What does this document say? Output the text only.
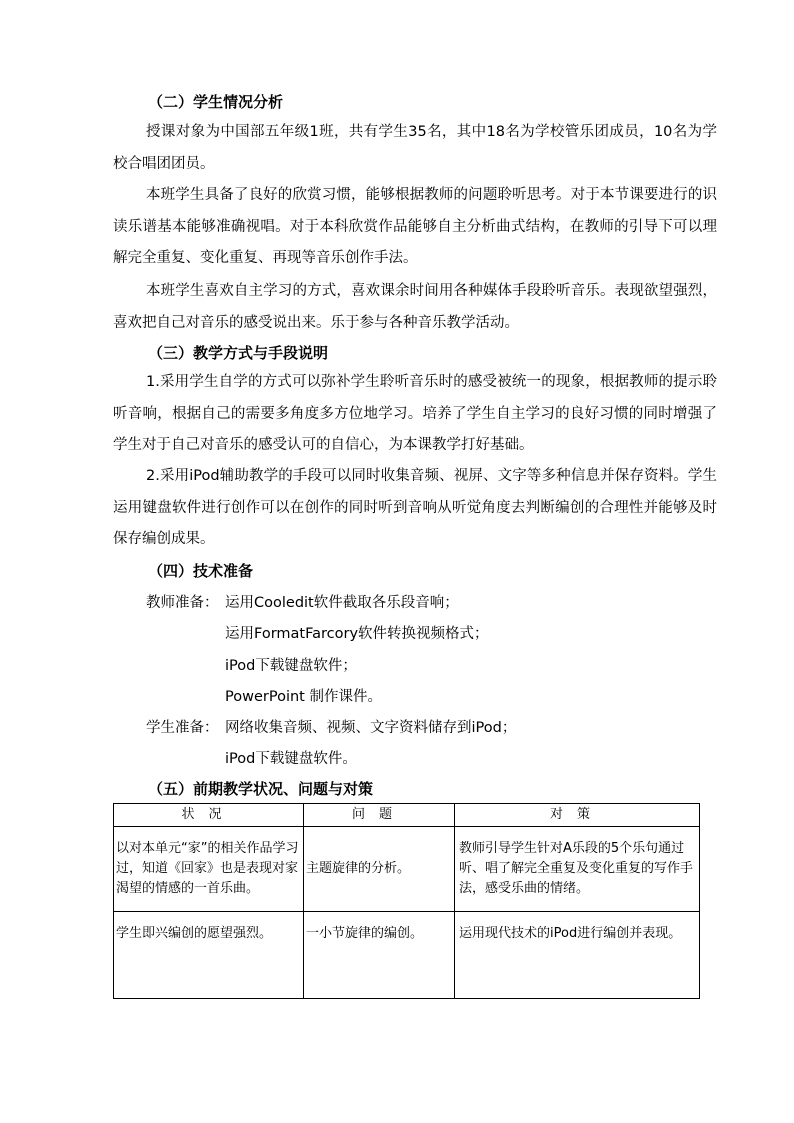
（二）学生情况分析

授课对象为中国部五年级1班，共有学生35名，其中18名为学校管乐团成员，10名为学校合唱团团员。

本班学生具备了良好的欣赏习惯，能够根据教师的问题聆听思考。对于本节课要进行的识读乐谱基本能够准确视唱。对于本科欣赏作品能够自主分析曲式结构，在教师的引导下可以理解完全重复、变化重复、再现等音乐创作手法。

本班学生喜欢自主学习的方式，喜欢课余时间用各种媒体手段聆听音乐。表现欲望强烈，喜欢把自己对音乐的感受说出来。乐于参与各种音乐教学活动。

（三）教学方式与手段说明

1.采用学生自学的方式可以弥补学生聆听音乐时的感受被统一的现象，根据教师的提示聆听音响，根据自己的需要多角度多方位地学习。培养了学生自主学习的良好习惯的同时增强了学生对于自己对音乐的感受认可的自信心，为本课教学打好基础。

2.采用iPod辅助教学的手段可以同时收集音频、视屏、文字等多种信息并保存资料。学生运用键盘软件进行创作可以在创作的同时听到音响从听觉角度去判断编创的合理性并能够及时保存编创成果。

（四）技术准备
教师准备： 运用Cooledit软件截取各乐段音响；
运用FormatFarcory软件转换视频格式；
iPod下载键盘软件；
PowerPoint 制作课件。
学生准备： 网络收集音频、视频、文字资料储存到iPod；
iPod下载键盘软件。
（五）前期教学状况、问题与对策
状况	问题	对策
以对本单元“家”的相关作品学习过，知道《回家》也是表现对家渴望的情感的一首乐曲。	主题旋律的分析。	教师引导学生针对A乐段的5个乐句通过听、唱了解完全重复及变化重复的写作手法，感受乐曲的情绪。
学生即兴编创的愿望强烈。	一小节旋律的编创。	运用现代技术的iPod进行编创并表现。
